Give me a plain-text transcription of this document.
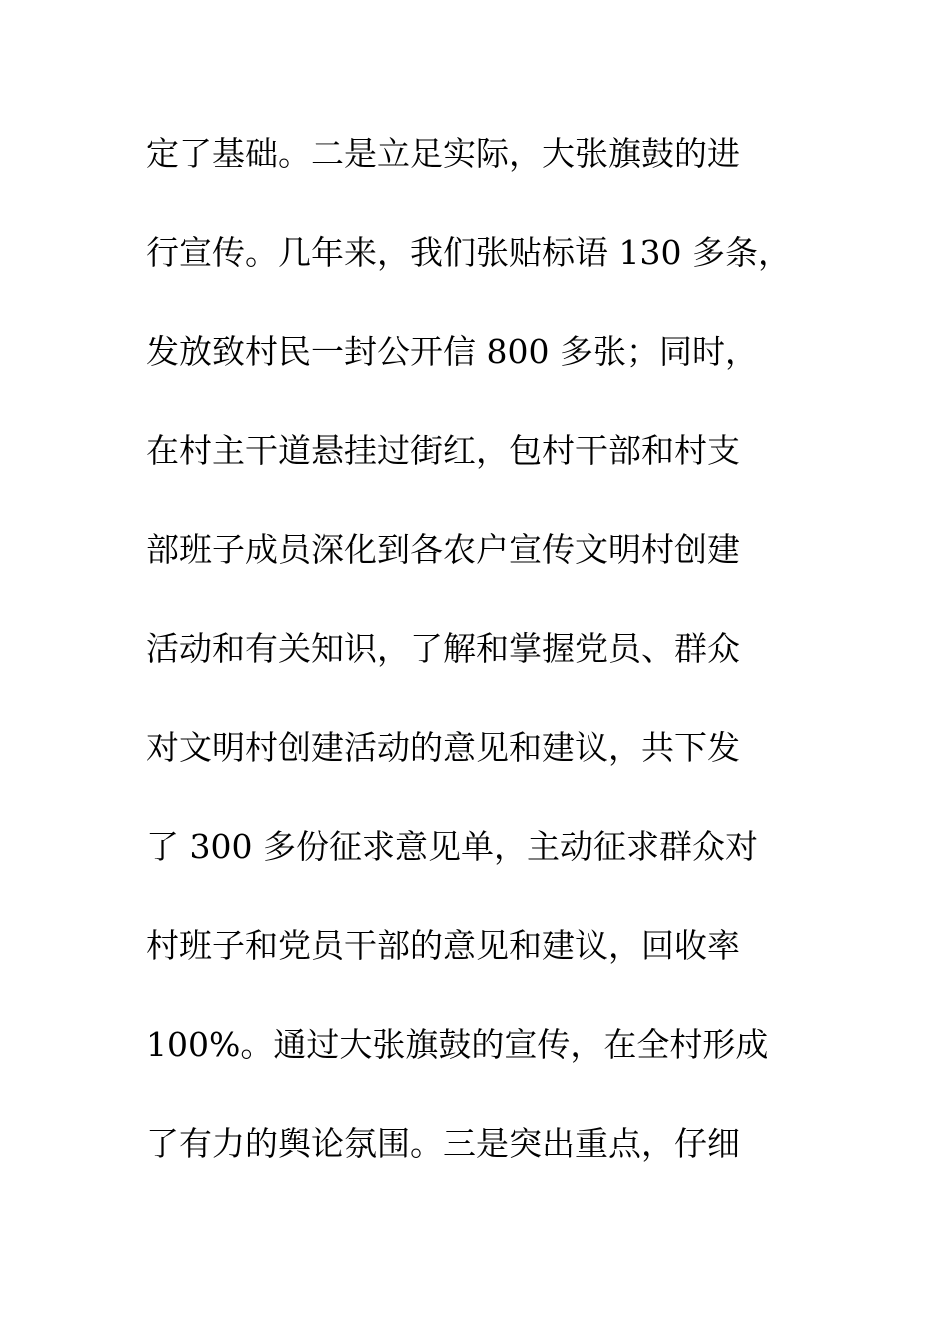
定了基础。二是立足实际，大张旗鼓的进
行宣传。几年来，我们张贴标语 130 多条，
发放致村民一封公开信 800 多张；同时，
在村主干道悬挂过街红，包村干部和村支
部班子成员深化到各农户宣传文明村创建
活动和有关知识，了解和掌握党员、群众
对文明村创建活动的意见和建议，共下发
了 300 多份征求意见单，主动征求群众对
村班子和党员干部的意见和建议，回收率
100%。通过大张旗鼓的宣传，在全村形成
了有力的舆论氛围。三是突出重点，仔细
